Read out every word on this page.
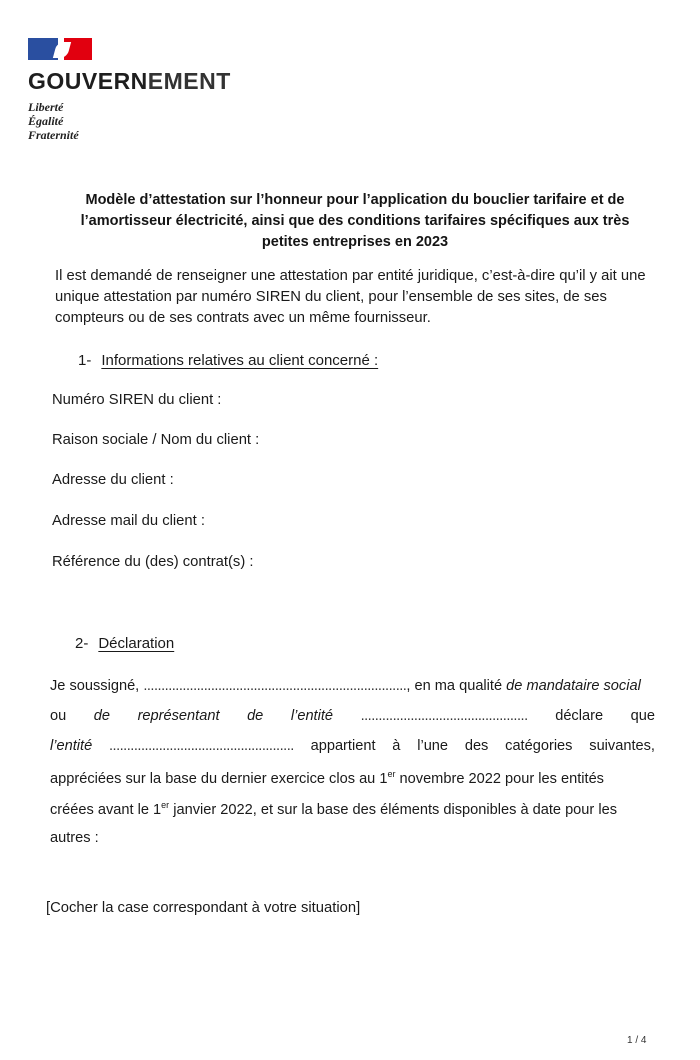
GOUVERNEMENT
Liberté
Égalité
Fraternité
Modèle d’attestation sur l’honneur pour l’application du bouclier tarifaire et de l’amortisseur électricité, ainsi que des conditions tarifaires spécifiques aux très petites entreprises en 2023
Il est demandé de renseigner une attestation par entité juridique, c’est-à-dire qu’il y ait une unique attestation par numéro SIREN du client, pour l’ensemble de ses sites, de ses compteurs ou de ses contrats avec un même fournisseur.
1- Informations relatives au client concerné :
Numéro SIREN du client :
Raison sociale / Nom du client :
Adresse du client :
Adresse mail du client :
Référence du (des) contrat(s) :
2- Déclaration
Je soussigné, .........................................................................., en ma qualité de mandataire social
ou de représentant de l’entité ............................................... déclare que
l’entité .................................................... appartient à l’une des catégories suivantes,
appréciées sur la base du dernier exercice clos au 1er novembre 2022 pour les entités
créées avant le 1er janvier 2022, et sur la base des éléments disponibles à date pour les
autres :
[Cocher la case correspondant à votre situation]
1 / 4
